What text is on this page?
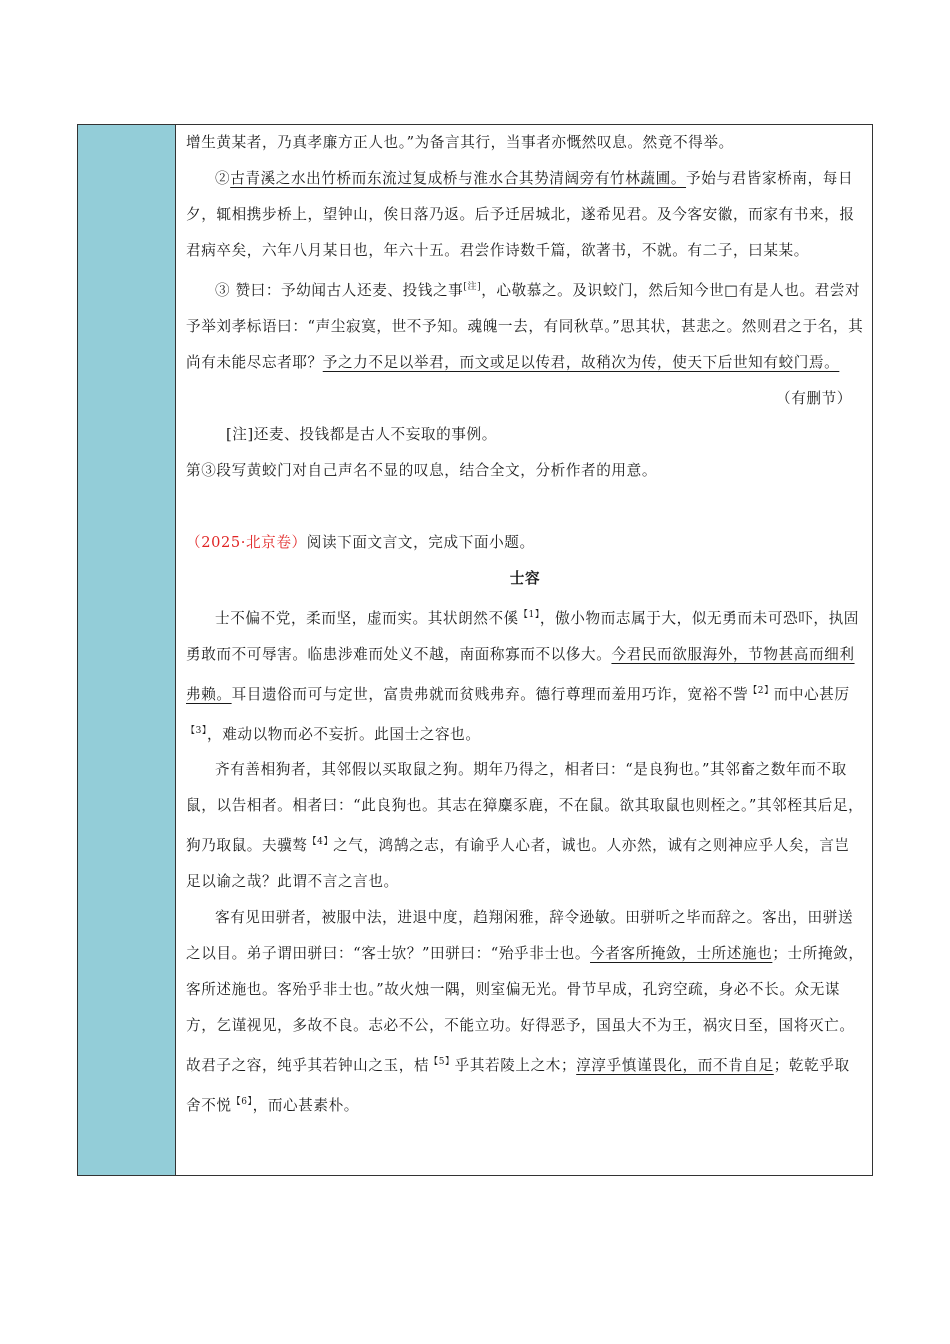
增生黄某者，乃真孝廉方正人也。”为备言其行，当事者亦慨然叹息。然竟不得举。

②古青溪之水出竹桥而东流过复成桥与淮水合其势清阔旁有竹林蔬圃。予始与君皆家桥南，每日夕，辄相携步桥上，望钟山，俟日落乃返。后予迁居城北，遂希见君。及今客安徽，而家有书来，报君病卒矣，六年八月某日也，年六十五。君尝作诗数千篇，欲著书，不就。有二子，曰某某。

③ 赞曰：予幼闻古人还麦、投钱之事[注]，心敬慕之。及识蛟门，然后知今世□有是人也。君尝对予举刘孝标语曰：“声尘寂寞，世不予知。魂魄一去，有同秋草。”思其状，甚悲之。然则君之于名，其尚有未能尽忘者耶？予之力不足以举君，而文或足以传君，故稍次为传，使天下后世知有蛟门焉。

（有删节）

[注]还麦、投钱都是古人不妄取的事例。

第③段写黄蛟门对自己声名不显的叹息，结合全文，分析作者的用意。

（2025·北京卷）阅读下面文言文，完成下面小题。

士容

士不偏不党，柔而坚，虚而实。其状朗然不傒$^{【1】}$，傲小物而志属于大，似无勇而未可恐吓，执固勇敢而不可辱害。临患涉难而处义不越，南面称寡而不以侈大。今君民而欲服海外，节物甚高而细利弗赖。耳目遗俗而可与定世，富贵弗就而贫贱弗弃。德行尊理而羞用巧诈，宽裕不訾$^{【2】}$而中心甚厉$^{【3】}$，难动以物而必不妄折。此国士之容也。

齐有善相狗者，其邻假以买取鼠之狗。期年乃得之，相者曰：“是良狗也。”其邻畜之数年而不取鼠，以告相者。相者曰：“此良狗也。其志在獐麋豕鹿，不在鼠。欲其取鼠也则桎之。”其邻桎其后足，狗乃取鼠。夫骥骜$^{【4】}$之气，鸿鹄之志，有谕乎人心者，诚也。人亦然，诚有之则神应乎人矣，言岂足以谕之哉？此谓不言之言也。

客有见田骈者，被服中法，进退中度，趋翔闲雅，辞令逊敏。田骈听之毕而辞之。客出，田骈送之以目。弟子谓田骈曰：“客士欤？”田骈曰：“殆乎非士也。今者客所掩敛，士所述施也；士所掩敛，客所述施也。客殆乎非士也。”故火烛一隅，则室偏无光。骨节早成，孔窍空疏，身必不长。众无谋方，乞谨视见，多故不良。志必不公，不能立功。好得恶予，国虽大不为王，祸灾日至，国将灭亡。故君子之容，纯乎其若钟山之玉，桔$^{【5】}$乎其若陵上之木；淳淳乎慎谨畏化，而不肯自足；乾乾乎取舍不悦$^{【6】}$，而心甚素朴。
